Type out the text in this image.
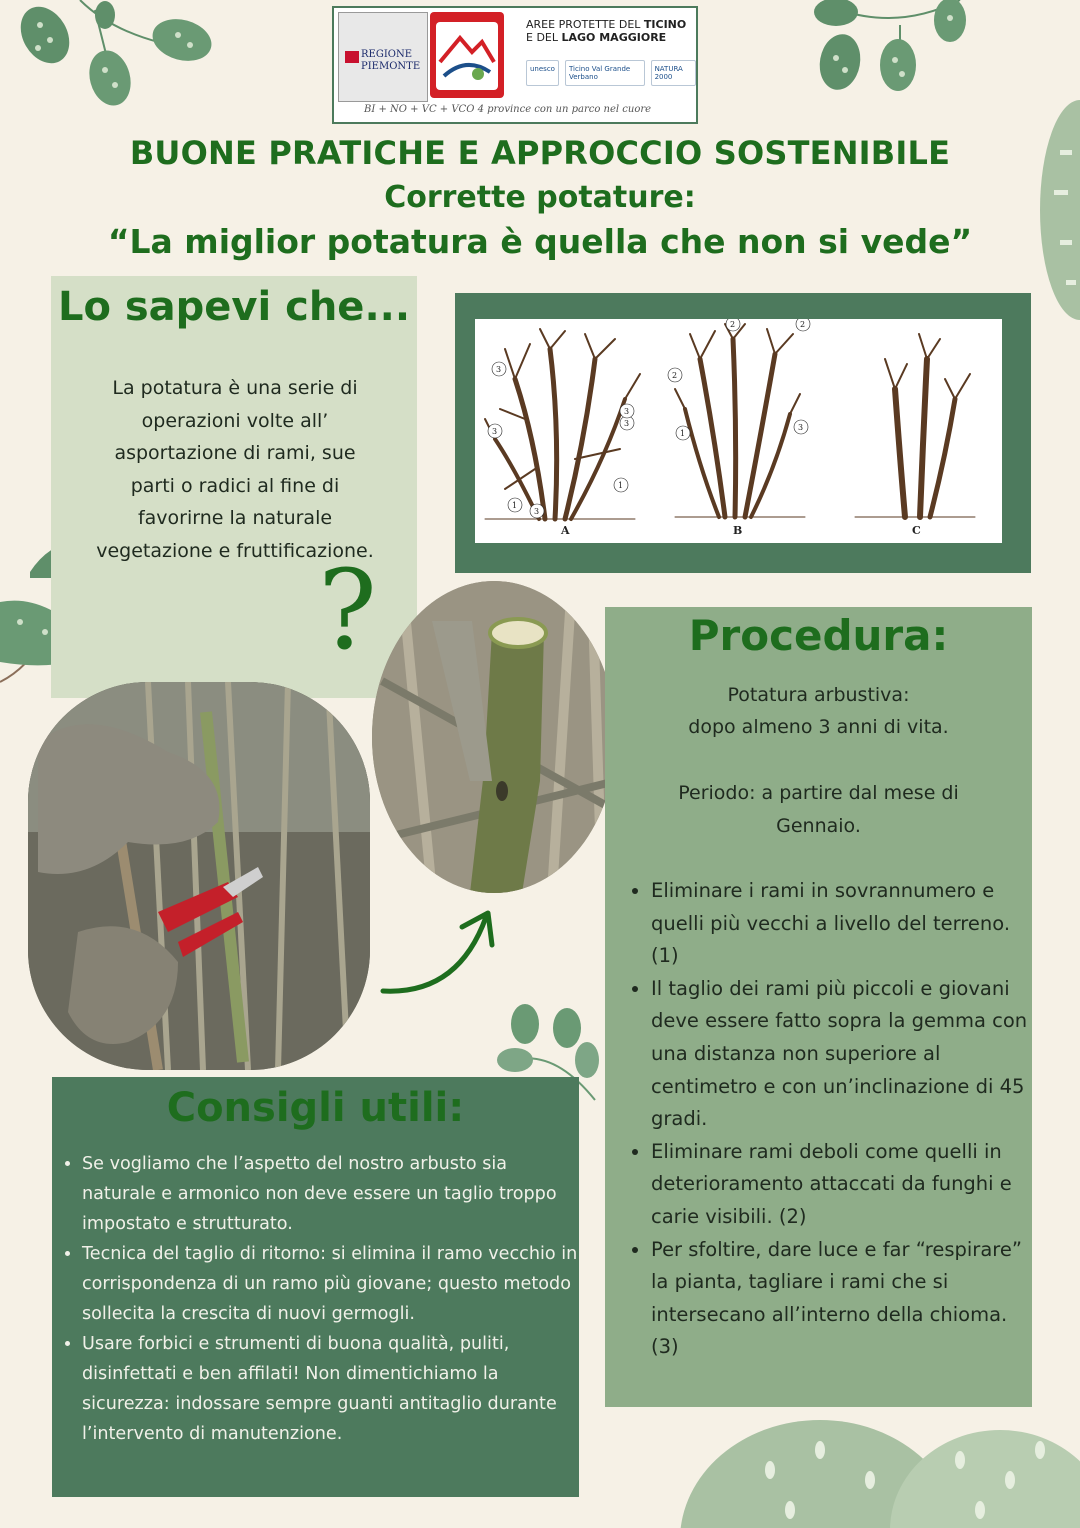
REGIONE PIEMONTE
AREE PROTETTE DEL TICINO
E DEL LAGO MAGGIORE
unesco	Ticino Val Grande Verbano
NATURA 2000
BI + NO + VC + VCO 4 province con un parco nel cuore
BUONE PRATICHE E APPROCCIO SOSTENIBILE
Corrette potature:
“La miglior potatura è quella che non si vede”
Lo sapevi che...

La potatura è una serie di operazioni volte all’ asportazione di rami, sue parti o radici al fine di favorirne la naturale vegetazione e fruttificazione.

?
3
3
3
3
1
1
3
2	2
2
1
3
A	B	C
Procedura:
Potatura arbustiva:
dopo almeno 3 anni di vita.
Periodo: a partire dal mese di
Gennaio.
• Eliminare i rami in sovrannumero e quelli più vecchi a livello del terreno. (1)
• Il taglio dei rami più piccoli e giovani deve essere fatto sopra la gemma con una distanza non superiore al centimetro e con un’inclinazione di 45 gradi.
• Eliminare rami deboli come quelli in deterioramento attaccati da funghi e carie visibili. (2)
• Per sfoltire, dare luce e far “respirare” la pianta, tagliare i rami che si intersecano all’interno della chioma. (3)
Consigli utili:
• Se vogliamo che l’aspetto del nostro arbusto sia naturale e armonico non deve essere un taglio troppo impostato e strutturato.
• Tecnica del taglio di ritorno: si elimina il ramo vecchio in corrispondenza di un ramo più giovane; questo metodo sollecita la crescita di nuovi germogli.
• Usare forbici e strumenti di buona qualità, puliti, disinfettati e ben affilati! Non dimentichiamo la sicurezza: indossare sempre guanti antitaglio durante l’intervento di manutenzione.
